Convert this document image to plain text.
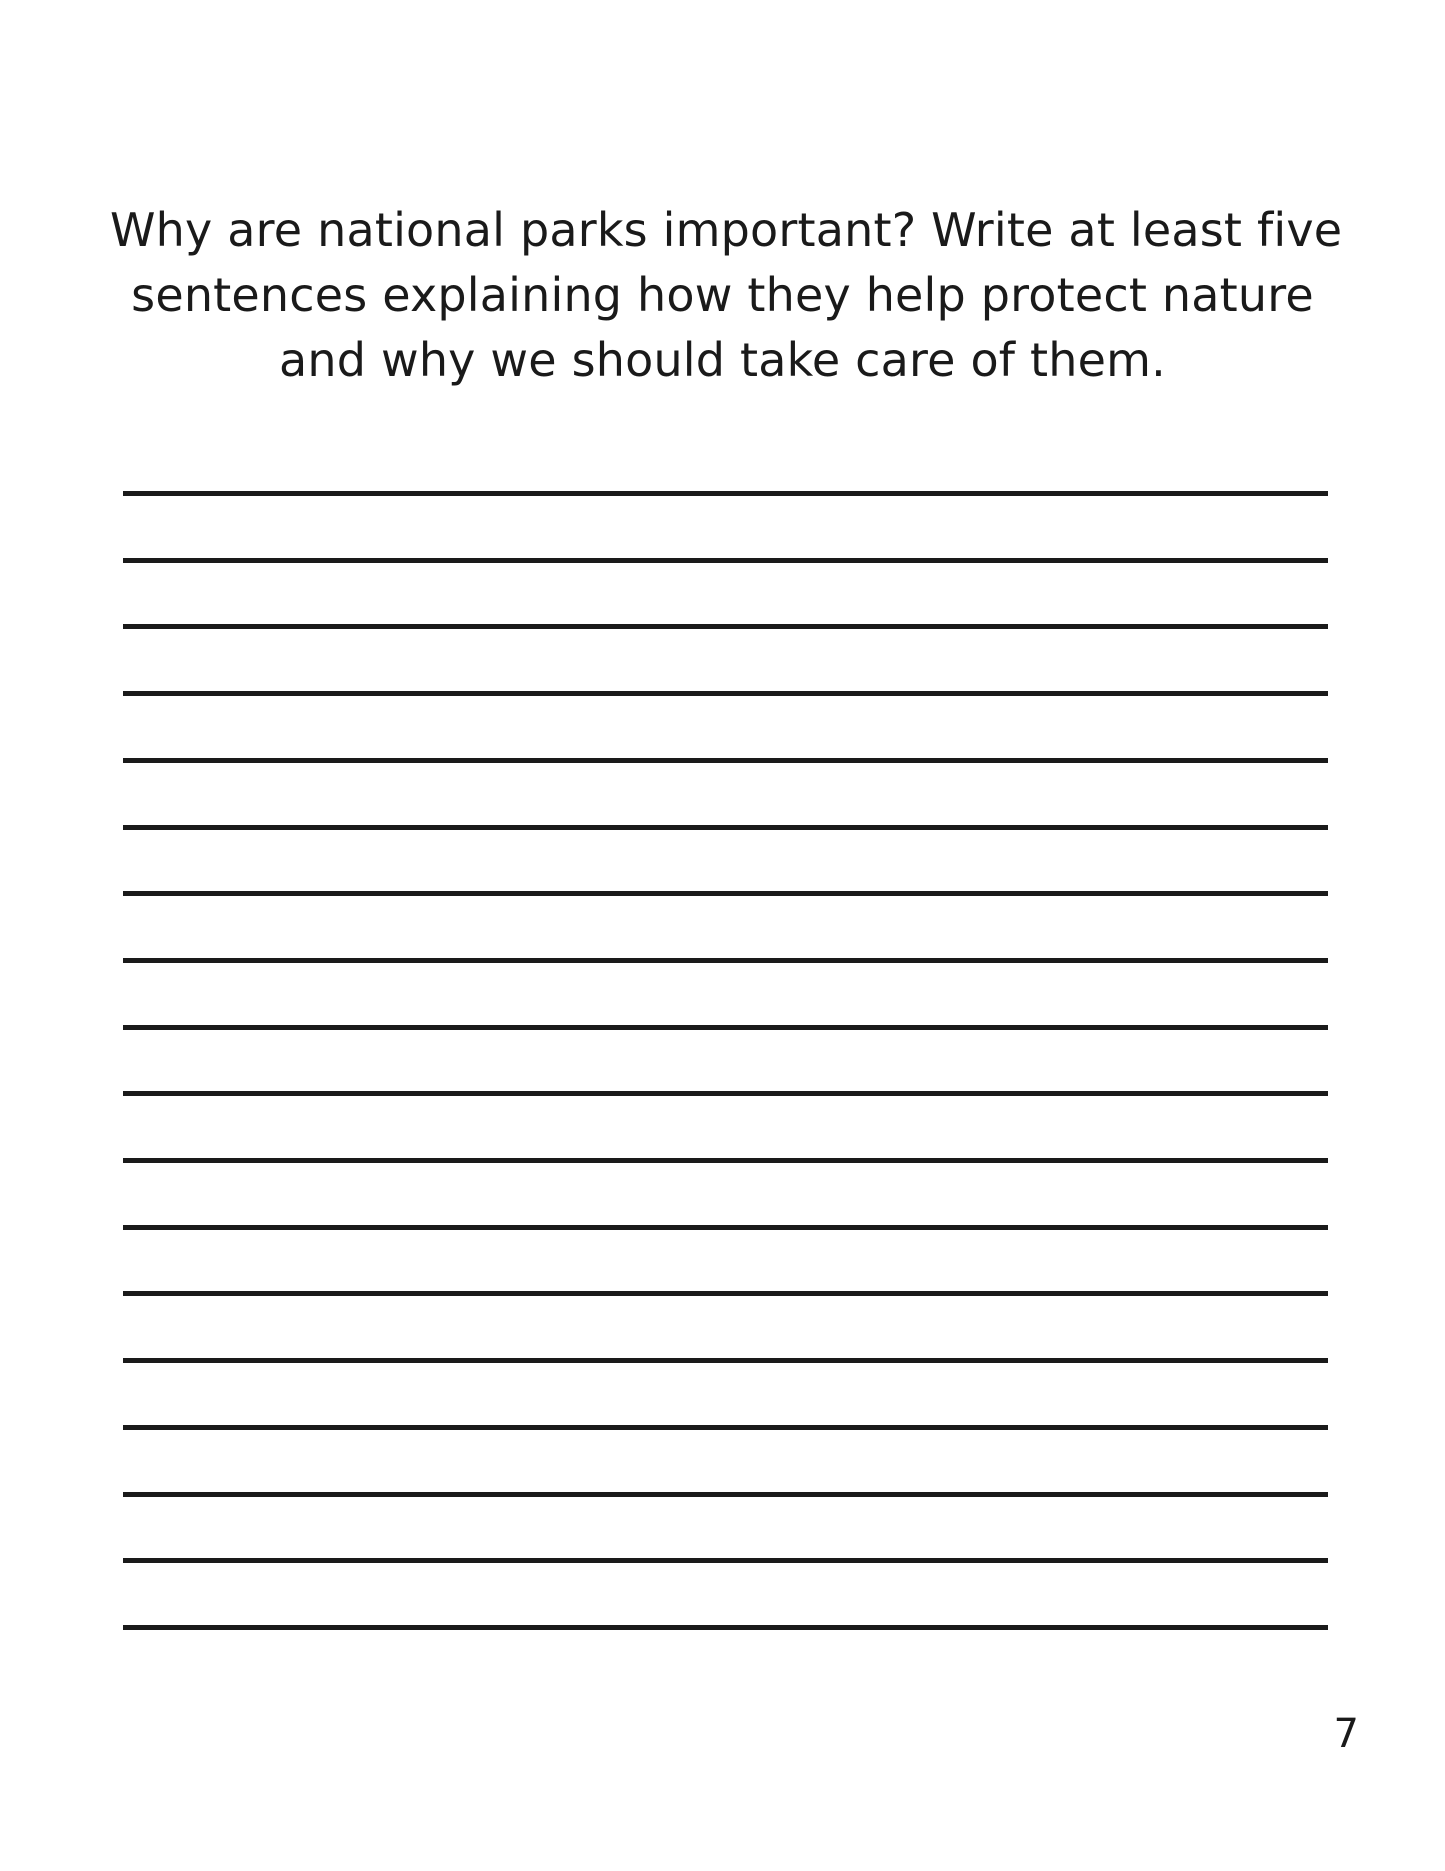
Why are national parks important? Write at least five
sentences explaining how they help protect nature
and why we should take care of them.

7
